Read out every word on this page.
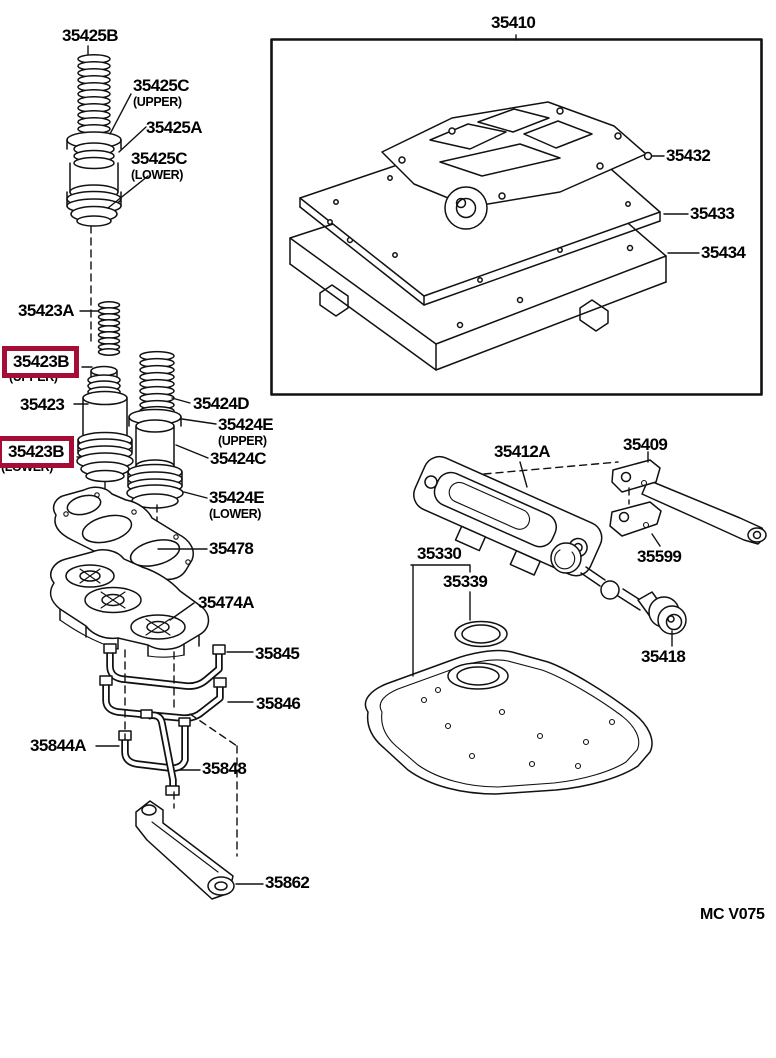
35425B
35425C
(UPPER)
35425A
35425C
(LOWER)
35423A
35423B
35423	35424D
35424E
(UPPER)
35424C
35423B
35424E
(LOWER)
35478
35474A
35845
35846
35844A
35848
35862
35410
35432
35433
35434
35412A	35409
35599
35330
35339
35418
MC V075
